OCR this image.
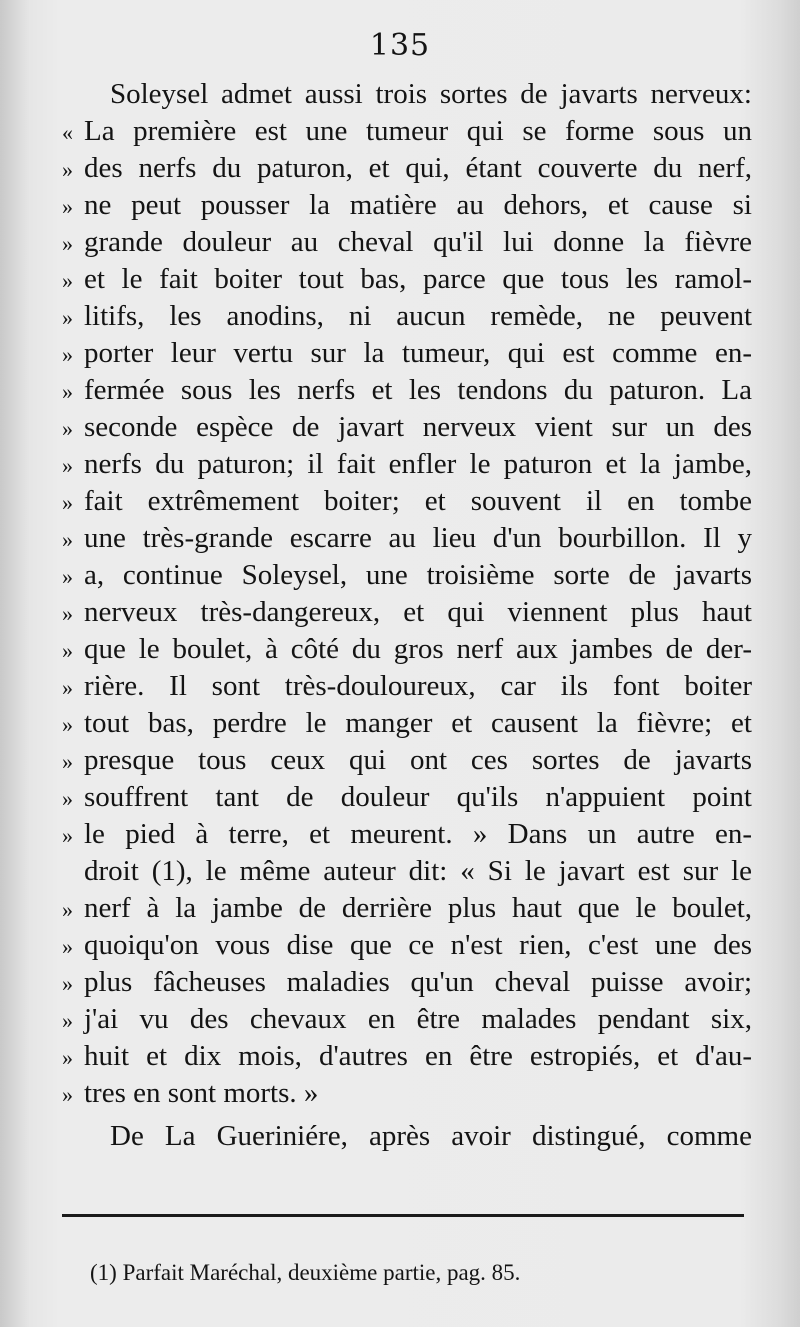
135
Soleysel admet aussi trois sortes de javarts nerveux:
« La première est une tumeur qui se forme sous un
» des nerfs du paturon, et qui, étant couverte du nerf,
» ne peut pousser la matière au dehors, et cause si
» grande douleur au cheval qu'il lui donne la fièvre
» et le fait boiter tout bas, parce que tous les ramol-
» litifs, les anodins, ni aucun remède, ne peuvent
» porter leur vertu sur la tumeur, qui est comme en-
» fermée sous les nerfs et les tendons du paturon. La
» seconde espèce de javart nerveux vient sur un des
» nerfs du paturon; il fait enfler le paturon et la jambe,
» fait extrêmement boiter; et souvent il en tombe
» une très-grande escarre au lieu d'un bourbillon. Il y
» a, continue Soleysel, une troisième sorte de javarts
» nerveux très-dangereux, et qui viennent plus haut
» que le boulet, à côté du gros nerf aux jambes de der-
» rière. Il sont très-douloureux, car ils font boiter
» tout bas, perdre le manger et causent la fièvre; et
» presque tous ceux qui ont ces sortes de javarts
» souffrent tant de douleur qu'ils n'appuient point
» le pied à terre, et meurent. » Dans un autre en-
droit (1), le même auteur dit: « Si le javart est sur le
» nerf à la jambe de derrière plus haut que le boulet,
» quoiqu'on vous dise que ce n'est rien, c'est une des
» plus fâcheuses maladies qu'un cheval puisse avoir;
» j'ai vu des chevaux en être malades pendant six,
» huit et dix mois, d'autres en être estropiés, et d'au-
» tres en sont morts. »
De La Gueriniére, après avoir distingué, comme
(1) Parfait Maréchal, deuxième partie, pag. 85.
